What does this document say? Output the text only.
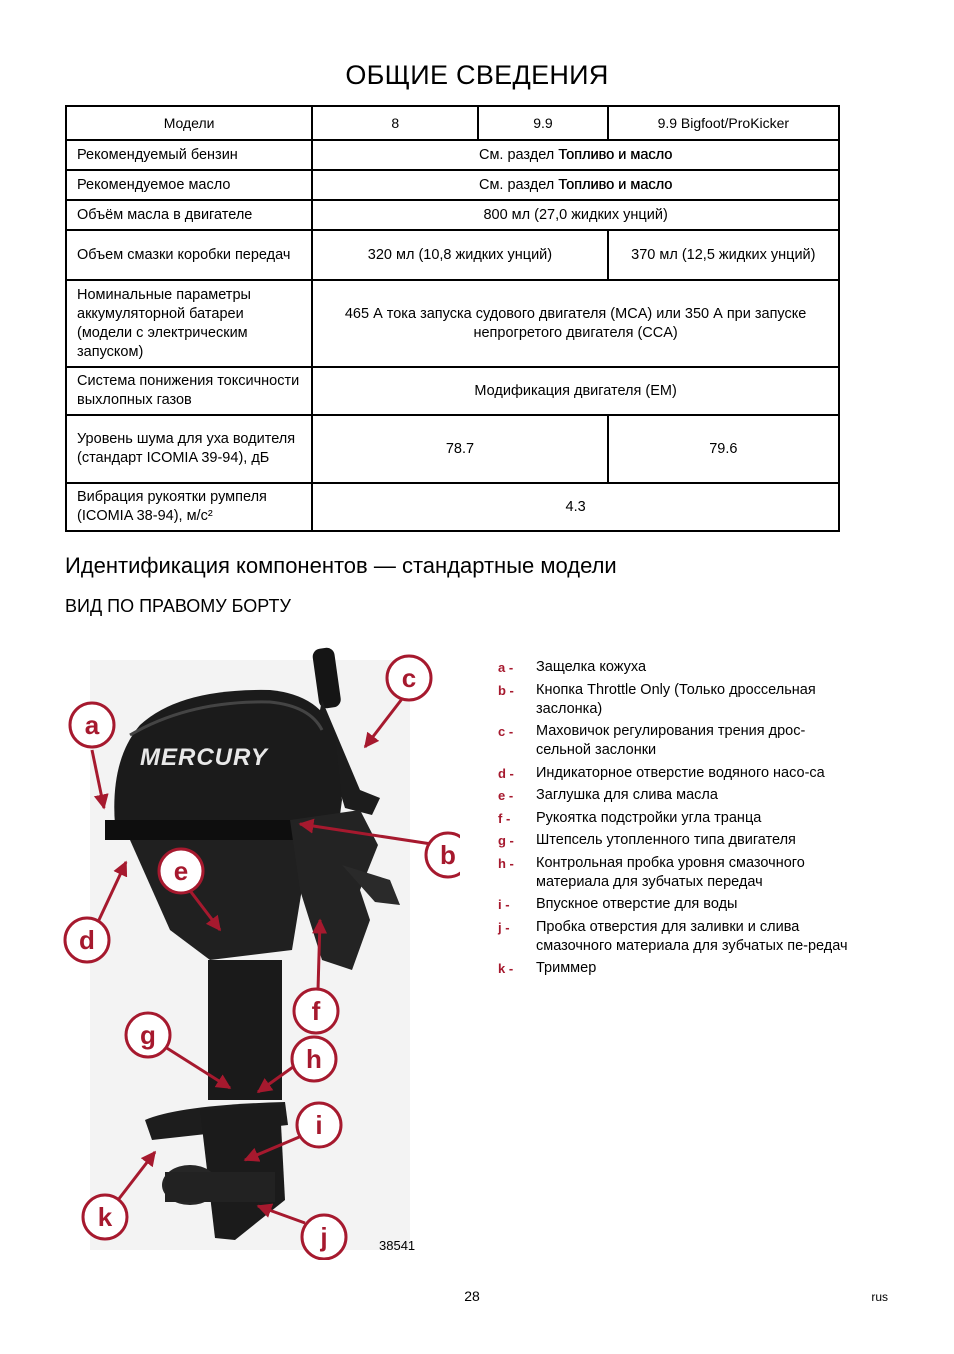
ОБЩИЕ СВЕДЕНИЯ
Модели	8	9.9	9.9 Bigfoot/ProKicker
Рекомендуемый бензин	См. раздел Топливо и масло		
Рекомендуемое масло	См. раздел Топливо и масло		
Объём масла в двигателе	800 мл (27,0 жидких унций)		
Объем смазки коробки передач	320 мл (10,8 жидких унций)		370 мл (12,5 жидких унций)
Номинальные параметры аккумуляторной батареи (модели с электрическим запуском)	465 А тока запуска судового двигателя (MCA) или 350 А при запуске непрогретого двигателя (CCA)		
Система понижения токсичности выхлопных газов	Модификация двигателя (EM)		
Уровень шума для уха водителя (стандарт ICOMIA 39-94), дБ	78.7		79.6
Вибрация рукоятки румпеля (ICOMIA 38-94), м/с²	4.3		
Идентификация компонентов — стандартные модели
ВИД ПО ПРАВОМУ БОРТУ
MERCURY
a
c
b
d
e
f
g
h
i
j
k
38541
a -	Защелка кожуха
b -	Кнопка Throttle Only (Только дроссельная заслонка)
c -	Маховичок регулирования трения дрос-сельной заслонки
d -	Индикаторное отверстие водяного насо-са
e -	Заглушка для слива масла
f -	Рукоятка подстройки угла транца
g -	Штепсель утопленного типа двигателя
h -	Контрольная пробка уровня смазочного материала для зубчатых передач
i -	Впускное отверстие для воды
j -	Пробка отверстия для заливки и слива смазочного материала для зубчатых пе-редач
k -	Триммер
28	rus
